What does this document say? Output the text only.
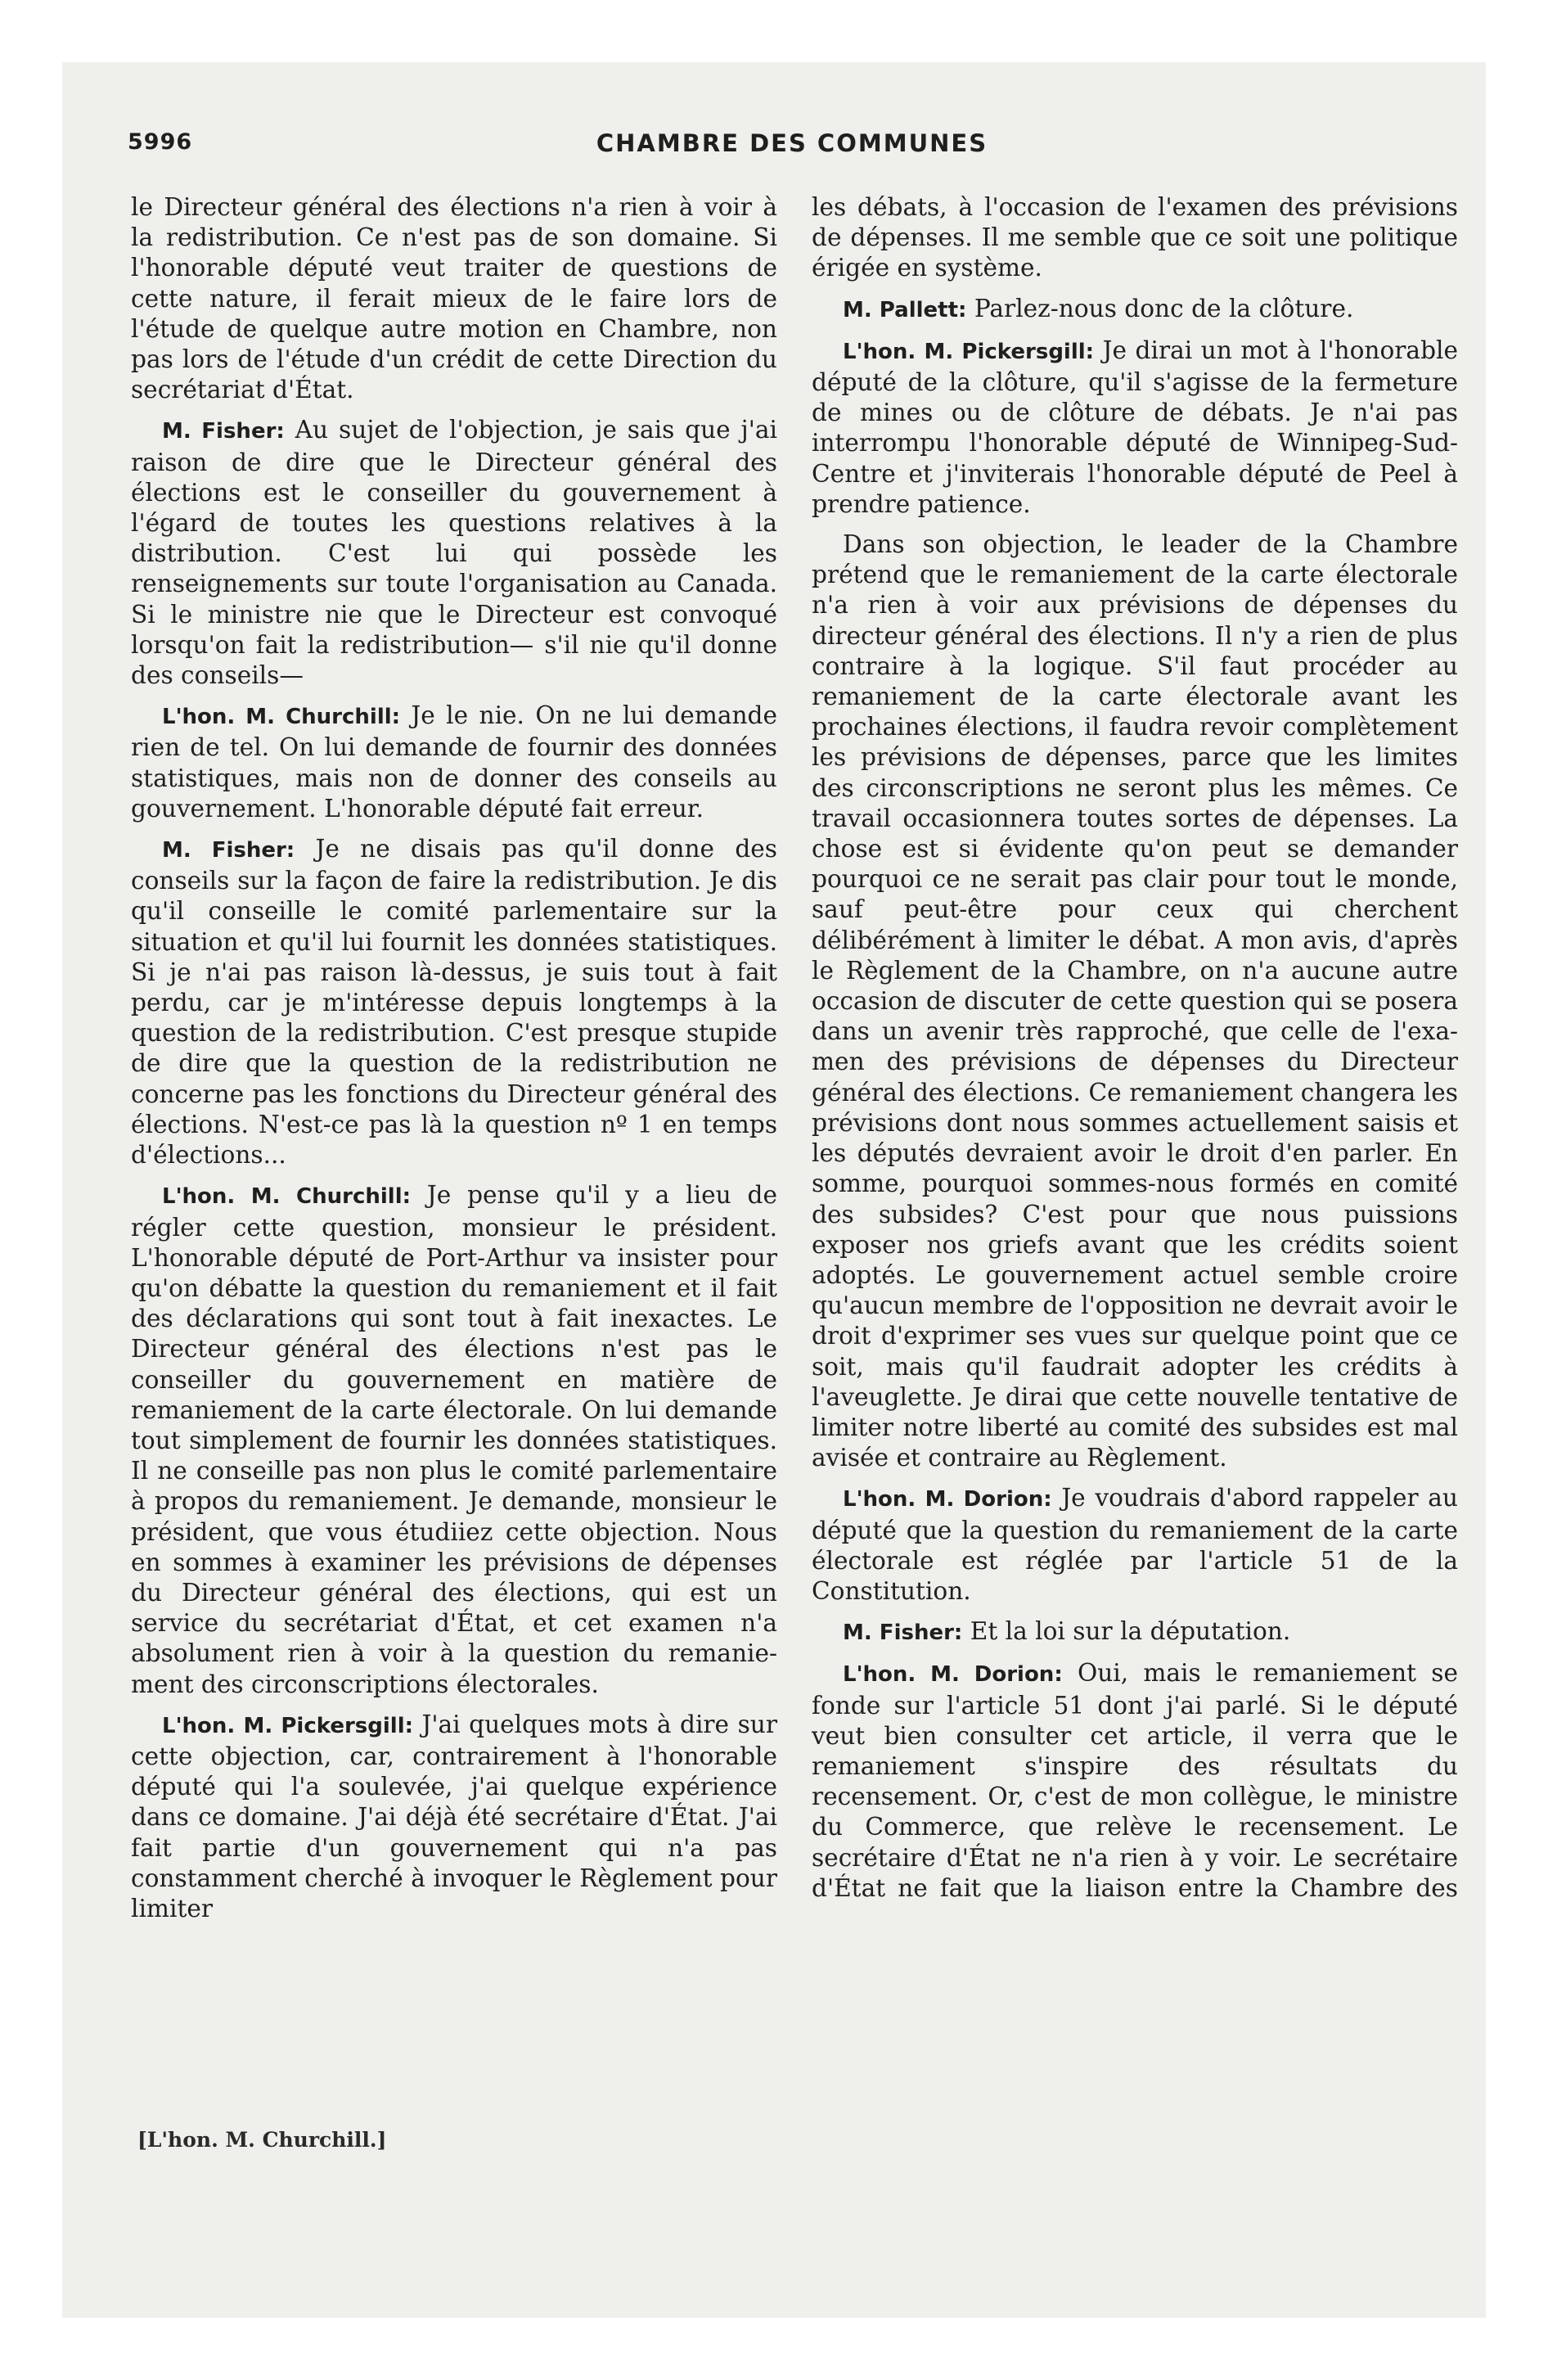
5996	CHAMBRE DES COMMUNES

le Directeur général des élections n'a rien à voir à la redistribution. Ce n'est pas de son domaine. Si l'honorable député veut traiter de questions de cette nature, il ferait mieux de le faire lors de l'étude de quelque autre motion en Chambre, non pas lors de l'étude d'un crédit de cette Direction du secrétariat d'État.

M. Fisher: Au sujet de l'objection, je sais que j'ai raison de dire que le Directeur général des élections est le conseiller du gouvernement à l'égard de toutes les questions relatives à la distribution. C'est lui qui possède les renseignements sur toute l'organisation au Canada. Si le ministre nie que le Directeur est convoqué lorsqu'on fait la redistribution— s'il nie qu'il donne des conseils—

L'hon. M. Churchill: Je le nie. On ne lui demande rien de tel. On lui demande de fournir des données statistiques, mais non de donner des conseils au gouvernement. L'honorable député fait erreur.

M. Fisher: Je ne disais pas qu'il donne des conseils sur la façon de faire la redistribution. Je dis qu'il conseille le comité parlementaire sur la situation et qu'il lui fournit les données statistiques. Si je n'ai pas raison là-dessus, je suis tout à fait perdu, car je m'intéresse depuis longtemps à la question de la redistribution. C'est presque stupide de dire que la question de la redistribution ne concerne pas les fonctions du Directeur général des élections. N'est-ce pas là la question nº 1 en temps d'élections...

L'hon. M. Churchill: Je pense qu'il y a lieu de régler cette question, monsieur le président. L'honorable député de Port-Arthur va insister pour qu'on débatte la question du remaniement et il fait des déclarations qui sont tout à fait inexactes. Le Directeur général des élections n'est pas le conseiller du gouvernement en matière de remaniement de la carte électorale. On lui demande tout simplement de fournir les données statistiques. Il ne conseille pas non plus le comité parlementaire à propos du remaniement. Je demande, monsieur le président, que vous étudiiez cette objection. Nous en sommes à examiner les prévisions de dépenses du Directeur général des élections, qui est un service du secrétariat d'État, et cet examen n'a absolument rien à voir à la question du remaniement des circonscriptions électorales.

L'hon. M. Pickersgill: J'ai quelques mots à dire sur cette objection, car, contrairement à l'honorable député qui l'a soulevée, j'ai quelque expérience dans ce domaine. J'ai déjà été secrétaire d'État. J'ai fait partie d'un gouvernement qui n'a pas constamment cherché à invoquer le Règlement pour limiter

les débats, à l'occasion de l'examen des prévisions de dépenses. Il me semble que ce soit une politique érigée en système.

M. Pallett: Parlez-nous donc de la clôture.

L'hon. M. Pickersgill: Je dirai un mot à l'honorable député de la clôture, qu'il s'agisse de la fermeture de mines ou de clôture de débats. Je n'ai pas interrompu l'honorable député de Winnipeg-Sud-Centre et j'inviterais l'honorable député de Peel à prendre patience.

Dans son objection, le leader de la Chambre prétend que le remaniement de la carte électorale n'a rien à voir aux prévisions de dépenses du directeur général des élections. Il n'y a rien de plus contraire à la logique. S'il faut procéder au remaniement de la carte électorale avant les prochaines élections, il faudra revoir complètement les prévisions de dépenses, parce que les limites des circonscriptions ne seront plus les mêmes. Ce travail occasionnera toutes sortes de dépenses. La chose est si évidente qu'on peut se demander pourquoi ce ne serait pas clair pour tout le monde, sauf peut-être pour ceux qui cherchent délibérément à limiter le débat. A mon avis, d'après le Règlement de la Chambre, on n'a aucune autre occasion de discuter de cette question qui se posera dans un avenir très rapproché, que celle de l'examen des prévisions de dépenses du Directeur général des élections. Ce remaniement changera les prévisions dont nous sommes actuellement saisis et les députés devraient avoir le droit d'en parler. En somme, pourquoi sommes-nous formés en comité des subsides? C'est pour que nous puissions exposer nos griefs avant que les crédits soient adoptés. Le gouvernement actuel semble croire qu'aucun membre de l'opposition ne devrait avoir le droit d'exprimer ses vues sur quelque point que ce soit, mais qu'il faudrait adopter les crédits à l'aveuglette. Je dirai que cette nouvelle tentative de limiter notre liberté au comité des subsides est mal avisée et contraire au Règlement.

L'hon. M. Dorion: Je voudrais d'abord rappeler au député que la question du remaniement de la carte électorale est réglée par l'article 51 de la Constitution.

M. Fisher: Et la loi sur la députation.

L'hon. M. Dorion: Oui, mais le remaniement se fonde sur l'article 51 dont j'ai parlé. Si le député veut bien consulter cet article, il verra que le remaniement s'inspire des résultats du recensement. Or, c'est de mon collègue, le ministre du Commerce, que relève le recensement. Le secrétaire d'État ne n'a rien à y voir. Le secrétaire d'État ne fait que la liaison entre la Chambre des

[L'hon. M. Churchill.]
